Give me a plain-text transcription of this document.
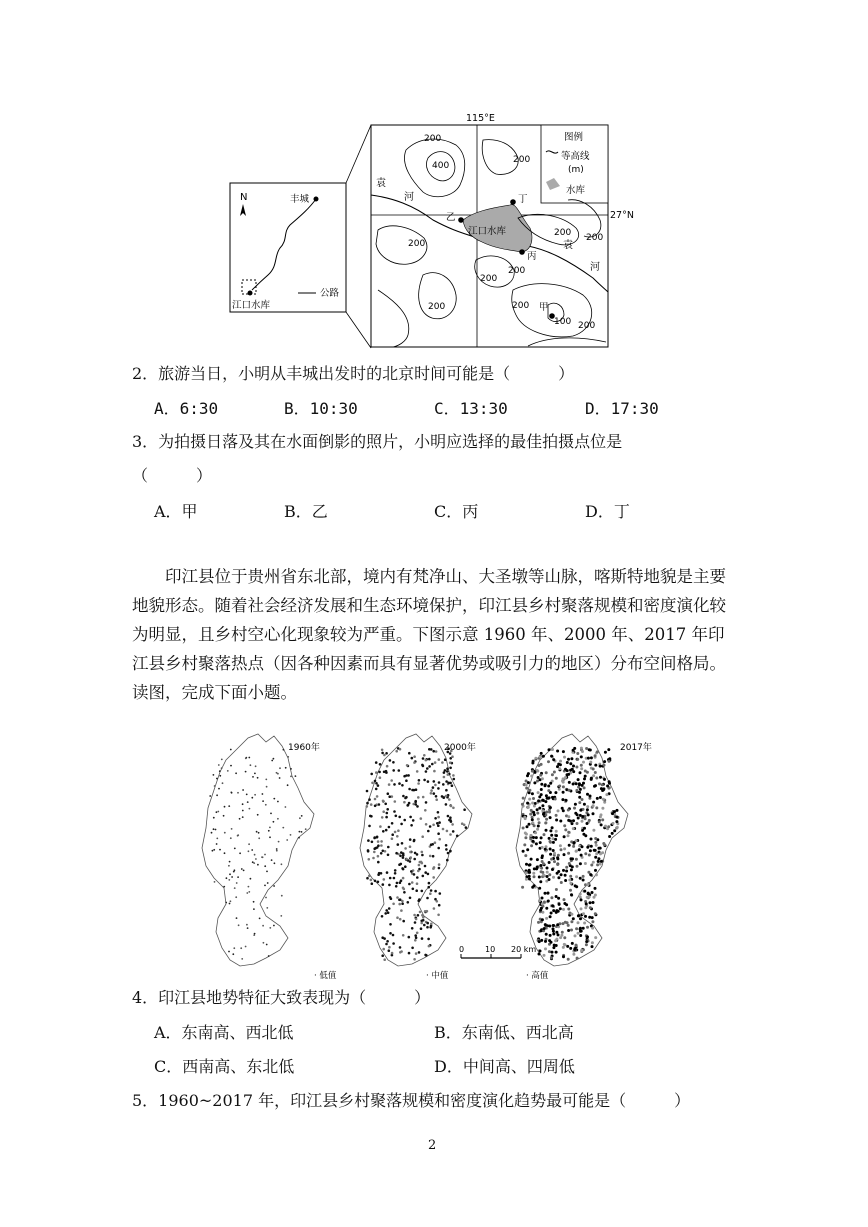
N	丰城
江口水库
公路
115°E
27°N
图例
等高线
(m)
水库
江口水库
袁
河
袁
河
200
400
200
200
200 200
200
200
200	200
100 200
甲
乙
丙
丁
2．旅游当日，小明从丰城出发时的北京时间可能是（　　　）
A．6:30	B．10:30	C．13:30	D．17:30
3．为拍摄日落及其在水面倒影的照片，小明应选择的最佳拍摄点位是
（　　　）
A．甲	B．乙	C．丙	D．丁
印江县位于贵州省东北部，境内有梵净山、大圣墩等山脉，喀斯特地貌是主要地貌形态。随着社会经济发展和生态环境保护，印江县乡村聚落规模和密度演化较为明显，且乡村空心化现象较为严重。下图示意 1960 年、2000 年、2017 年印江县乡村聚落热点（因各种因素而具有显著优势或吸引力的地区）分布空间格局。读图，完成下面小题。
1960年	2000年	2017年
0	10 20 km
· 低值	· 中值	· 高值
4．印江县地势特征大致表现为（　　　）
A．东南高、西北低	B．东南低、西北高
C．西南高、东北低	D．中间高、四周低
5．1960~2017 年，印江县乡村聚落规模和密度演化趋势最可能是（　　　）
2
